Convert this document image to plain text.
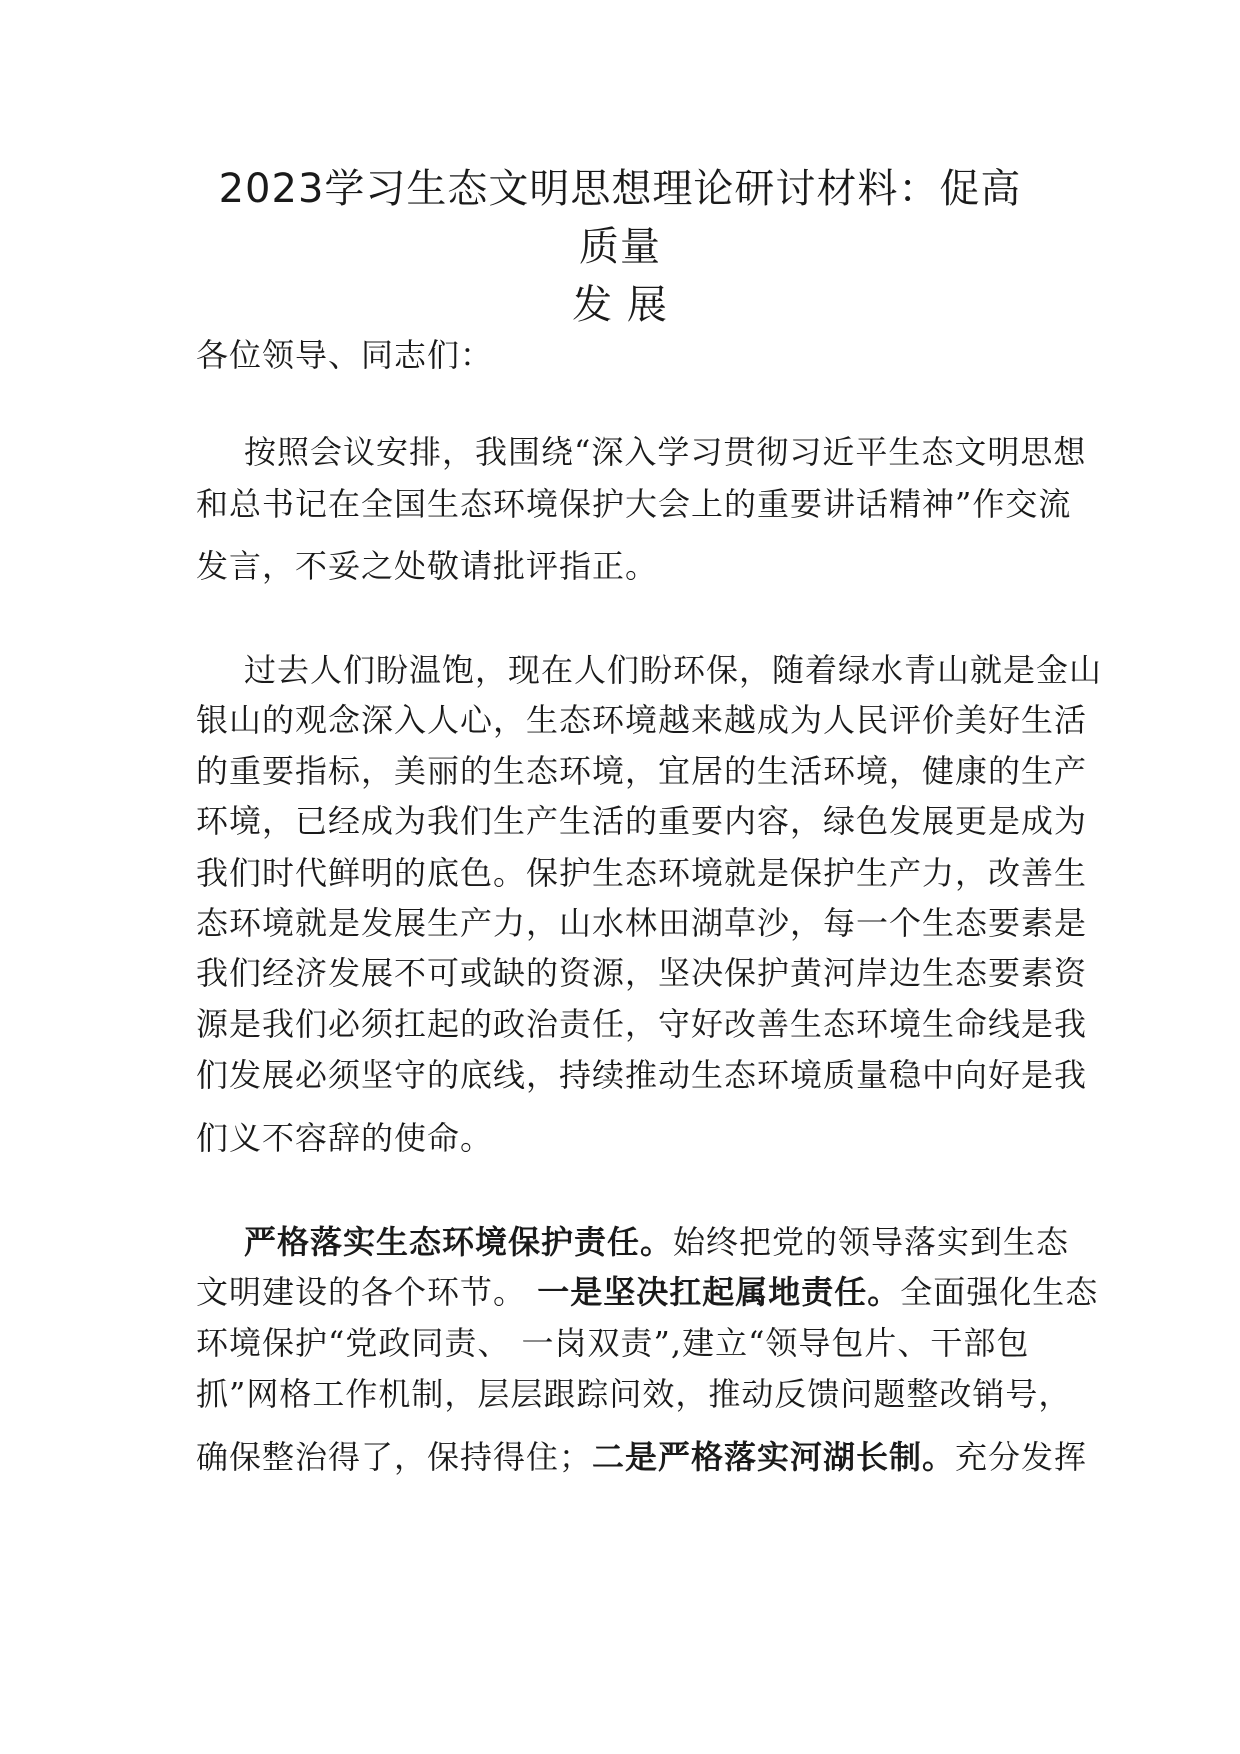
2023学习生态文明思想理论研讨材料：促高质量
发 展
各位领导、同志们：
按照会议安排，我围绕“深入学习贯彻习近平生态文明思想
和总书记在全国生态环境保护大会上的重要讲话精神”作交流
发言，不妥之处敬请批评指正。
过去人们盼温饱，现在人们盼环保，随着绿水青山就是金山
银山的观念深入人心，生态环境越来越成为人民评价美好生活
的重要指标，美丽的生态环境，宜居的生活环境，健康的生产
环境，已经成为我们生产生活的重要内容，绿色发展更是成为
我们时代鲜明的底色。保护生态环境就是保护生产力，改善生
态环境就是发展生产力，山水林田湖草沙，每一个生态要素是
我们经济发展不可或缺的资源，坚决保护黄河岸边生态要素资
源是我们必须扛起的政治责任，守好改善生态环境生命线是我
们发展必须坚守的底线，持续推动生态环境质量稳中向好是我
们义不容辞的使命。
严格落实生态环境保护责任。始终把党的领导落实到生态
文明建设的各个环节。 一是坚决扛起属地责任。全面强化生态
环境保护“党政同责、 一岗双责”,建立“领导包片、干部包
抓”网格工作机制，层层跟踪问效，推动反馈问题整改销号，
确保整治得了，保持得住；二是严格落实河湖长制。充分发挥
